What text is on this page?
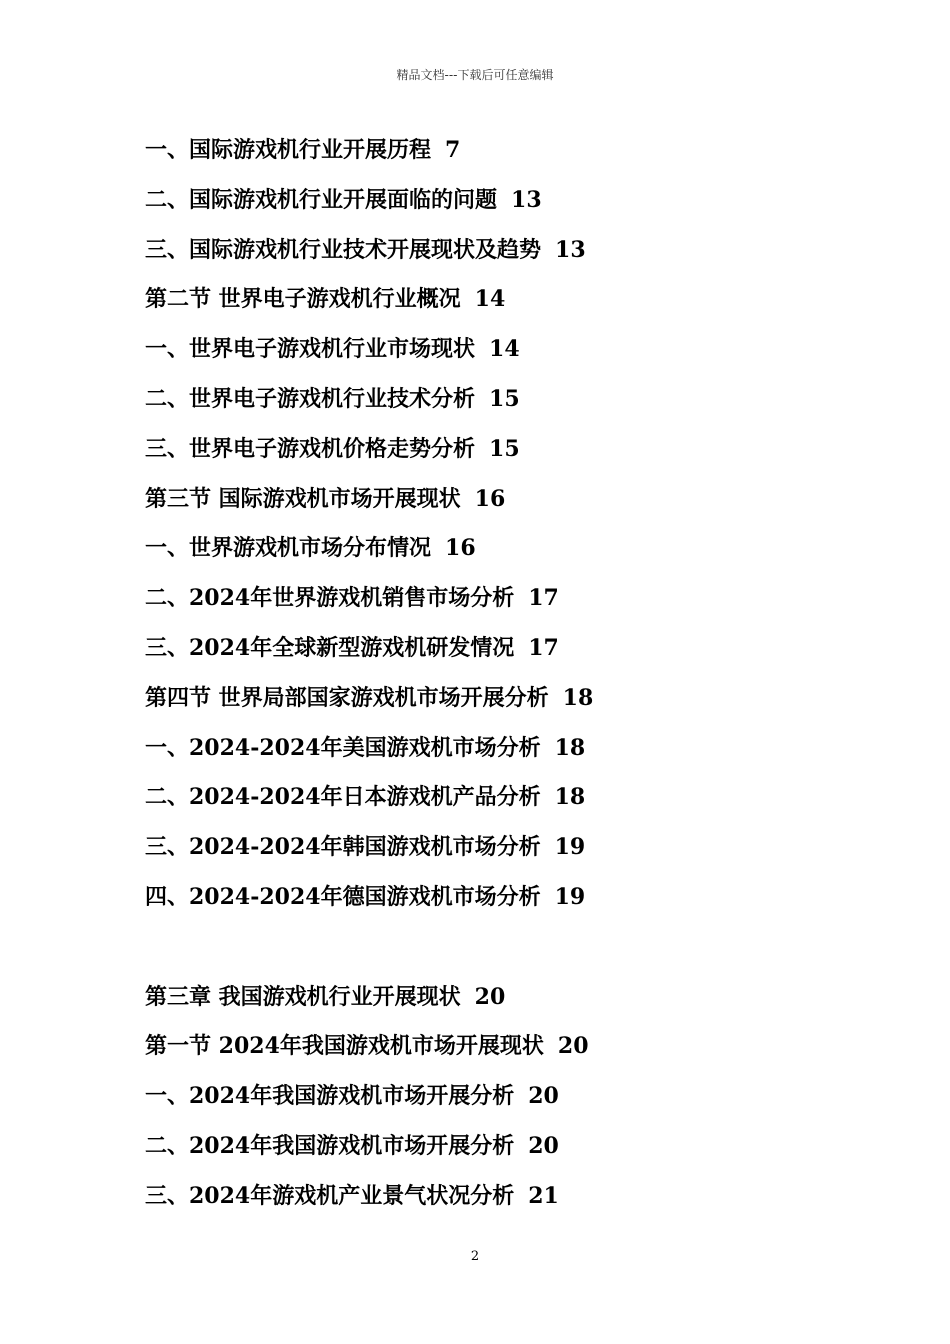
精品文档---下载后可任意编辑
一、国际游戏机行业开展历程 7
二、国际游戏机行业开展面临的问题 13
三、国际游戏机行业技术开展现状及趋势 13
第二节 世界电子游戏机行业概况 14
一、世界电子游戏机行业市场现状 14
二、世界电子游戏机行业技术分析 15
三、世界电子游戏机价格走势分析 15
第三节 国际游戏机市场开展现状 16
一、世界游戏机市场分布情况 16
二、2024年世界游戏机销售市场分析 17
三、2024年全球新型游戏机研发情况 17
第四节 世界局部国家游戏机市场开展分析 18
一、2024-2024年美国游戏机市场分析 18
二、2024-2024年日本游戏机产品分析 18
三、2024-2024年韩国游戏机市场分析 19
四、2024-2024年德国游戏机市场分析 19
第三章 我国游戏机行业开展现状 20
第一节 2024年我国游戏机市场开展现状 20
一、2024年我国游戏机市场开展分析 20
二、2024年我国游戏机市场开展分析 20
三、2024年游戏机产业景气状况分析 21
2
